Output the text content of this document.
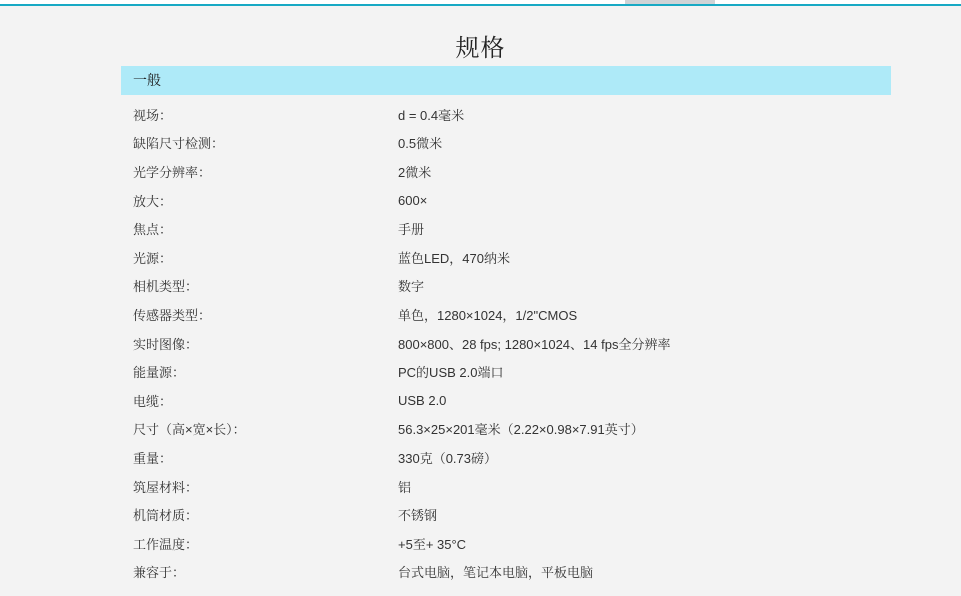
规格
一般
视场：	d = 0.4毫米
缺陷尺寸检测：	0.5微米
光学分辨率：	2微米
放大：	600×
焦点：	手册
光源：	蓝色LED，470纳米
相机类型：	数字
传感器类型：	单色，1280×1024，1/2"CMOS
实时图像：	800×800、28 fps; 1280×1024、14 fps全分辨率
能量源：	PC的USB 2.0端口
电缆：	USB 2.0
尺寸（高×宽×长）：	56.3×25×201毫米（2.22×0.98×7.91英寸）
重量：	330克（0.73磅）
筑屋材料：	铝
机筒材质：	不锈钢
工作温度：	+5至+ 35°C
兼容于：	台式电脑，笔记本电脑，平板电脑
